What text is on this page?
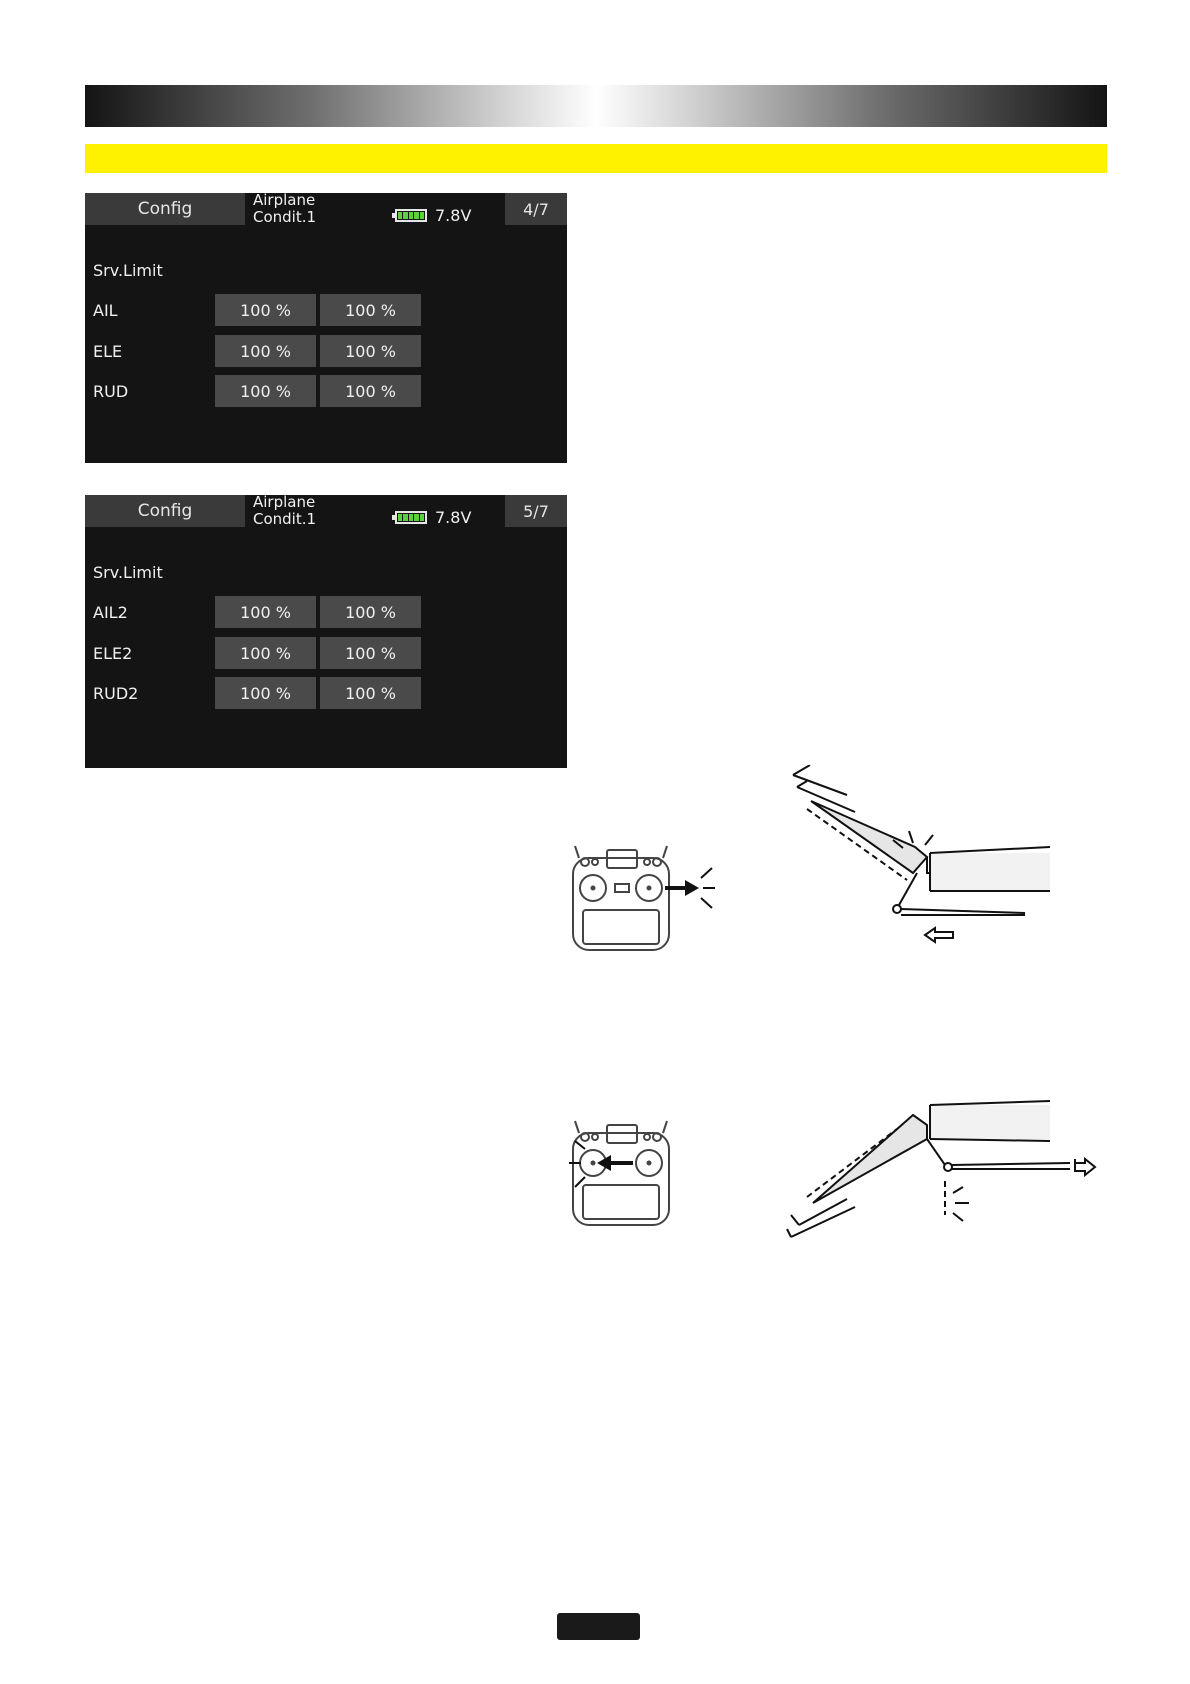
Config	Airplane
Condit.1	7.8V	4/7
Srv.Limit
AIL	100 %	100 %
ELE	100 %	100 %
RUD	100 %	100 %
Config	Airplane
Condit.1	7.8V	5/7
Srv.Limit
AIL2	100 %	100 %
ELE2	100 %	100 %
RUD2	100 %	100 %
